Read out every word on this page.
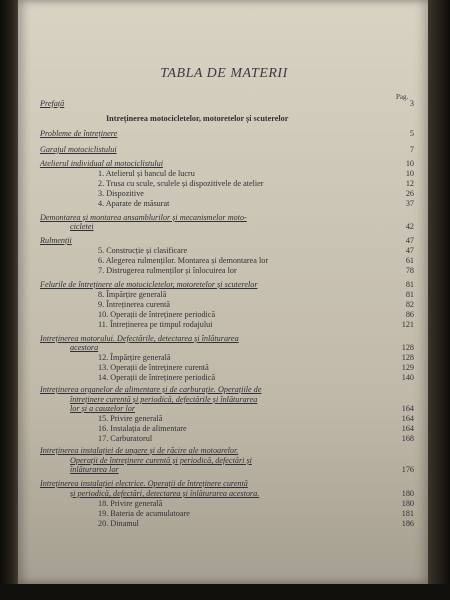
TABLA DE MATERII
Pag.
Prefață	3
Intreținerea motocicletelor, motoretelor și scuterelor
Probleme de întreținere	5
Garajul motociclistului	7
Atelierul individual al motociclistului	10
1. Atelierul și bancul de lucru	10
2. Trusa cu scule, sculele și dispozitivele de atelier	12
3. Dispozitive	26
4. Aparate de măsurat	37
Demontarea și montarea ansamblurilor și mecanismelor moto-
cicletei	42
Rulmenții	47
5. Construcție și clasificare	47
6. Alegerea rulmenților. Montarea și demontarea lor	61
7. Distrugerea rulmenților și înlocuirea lor	78
Felurile de întreținere ale motocicletelor, motoretelor și scuterelor	81
8. Împărțire generală	81
9. Întreținerea curentă	82
10. Operații de întreținere periodică	86
11. Întreținerea pe timpul rodajului	121
Intreținerea motorului. Defectările, detectarea și înlăturarea
acestora	128
12. Împărțire generală	128
13. Operații de întreținere curentă	129
14. Operații de întreținere periodică	140
Intreținerea organelor de alimentare și de carburație. Operațiile de
întreținere curentă și periodică, defectările și înlăturarea
lor și a cauzelor lor	164
15. Privire generală	164
16. Instalația de alimentare	164
17. Carburatorul	168
Intreținerea instalației de ungere și de răcire ale motoarelor.
Operații de întreținere curentă și periodică, defectări și
înlăturarea lor	176
Intreținerea instalației electrice. Operații de întreținere curentă
și periodică, defectări, detectarea și înlăturarea acestora.	180
18. Privire generală	180
19. Bateria de acumulatoare	181
20. Dinamul	186
